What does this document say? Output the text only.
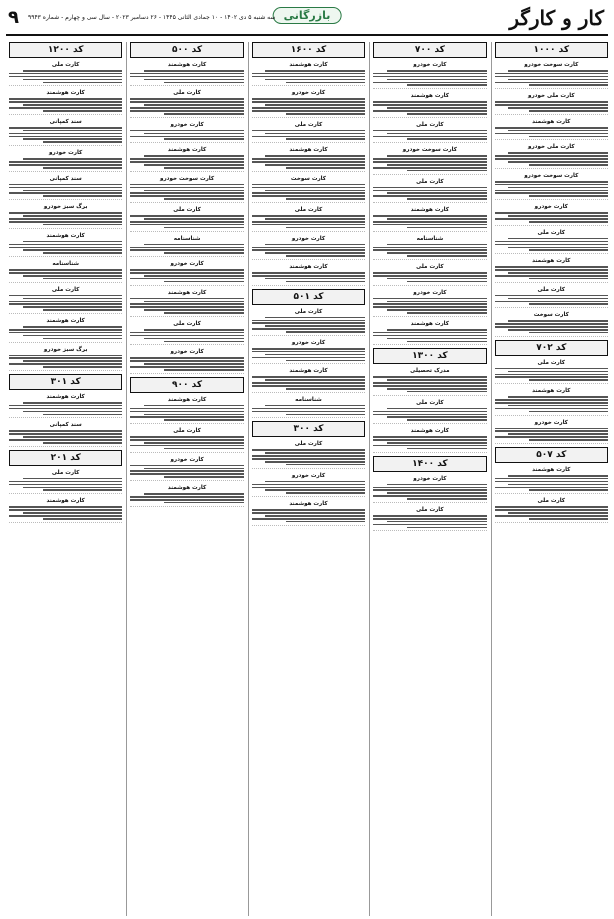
کار و کارگر
بازرگانی
سه شنبه ۵ دی ۱۴۰۲ - ۱۰ جمادی الثانی ۱۴۴۵ - ۲۶ دسامبر ۲۰۲۳ - سال سی و چهارم - شماره ۹۹۴۳
۹
کد ۱۰۰۰
کارت سوخت خودرو
کارت ملی خودرو
کارت هوشمند
کارت ملی خودرو
کارت سوخت خودرو
کارت خودرو
کارت ملی
کارت هوشمند
کارت ملی
کارت سوخت
کد ۷۰۲
کارت ملی
کارت هوشمند
کارت خودرو
کد ۵۰۷
کارت هوشمند
کارت ملی
کد ۷۰۰
کارت خودرو
کارت هوشمند
کارت ملی
کارت سوخت خودرو
کارت ملی
کارت هوشمند
شناسنامه
کارت ملی
کارت خودرو
کارت هوشمند
کد ۱۳۰۰
مدرک تحصیلی
کارت ملی
کارت هوشمند
کد ۱۴۰۰
کارت خودرو
کارت ملی
کد ۱۶۰۰
کارت هوشمند
کارت خودرو
کارت ملی
کارت هوشمند
کارت سوخت
کارت ملی
کارت خودرو
کارت هوشمند
کد ۵۰۱
کارت ملی
کارت خودرو
کارت هوشمند
شناسنامه
کد ۳۰۰
کارت ملی
کارت خودرو
کارت هوشمند
کد ۵۰۰
کارت هوشمند
کارت ملی
کارت خودرو
کارت هوشمند
کارت سوخت خودرو
کارت ملی
شناسنامه
کارت خودرو
کارت هوشمند
کارت ملی
کارت خودرو
کد ۹۰۰
کارت هوشمند
کارت ملی
کارت خودرو
کارت هوشمند
کد ۱۲۰۰
کارت ملی
کارت هوشمند
سند کمپانی
کارت خودرو
سند کمپانی
برگ سبز خودرو
کارت هوشمند
شناسنامه
کارت ملی
کارت هوشمند
برگ سبز خودرو
کد ۳۰۱
کارت هوشمند
سند کمپانی
کد ۲۰۱
کارت ملی
کارت هوشمند
